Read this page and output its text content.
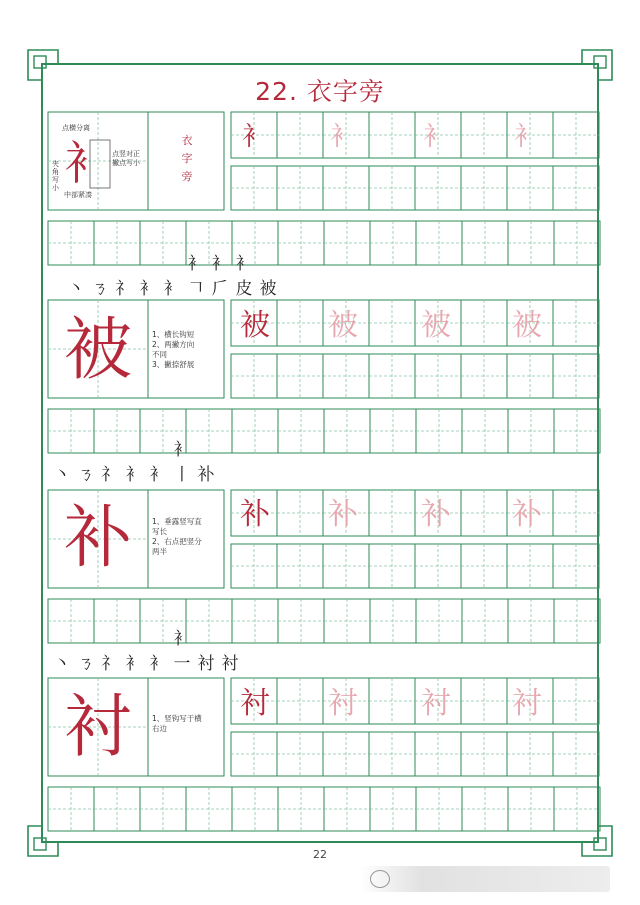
22. 衣字旁
衤
点横分离
点竖对正
撇点写小
夹角写小
中部紧凑
衣
字
旁
衤	衤	衤	衤
丶 ㄋ 礻 衤 衤
衤𠃍
衤𠂆
衤皮 被
被	1、横长钩短
2、两撇方向
不同
3、撇捺舒展
被 被 被 被
丶 ㄋ 礻 衤 衤
衤丨 补
补	1、垂露竖写直
写长
2、右点把竖分
两半
补 补 补 补
丶 ㄋ 礻 衤 衤
衤一 衬 衬
衬	1、竖钩写于横
右边
衬 衬 衬 衬
22
